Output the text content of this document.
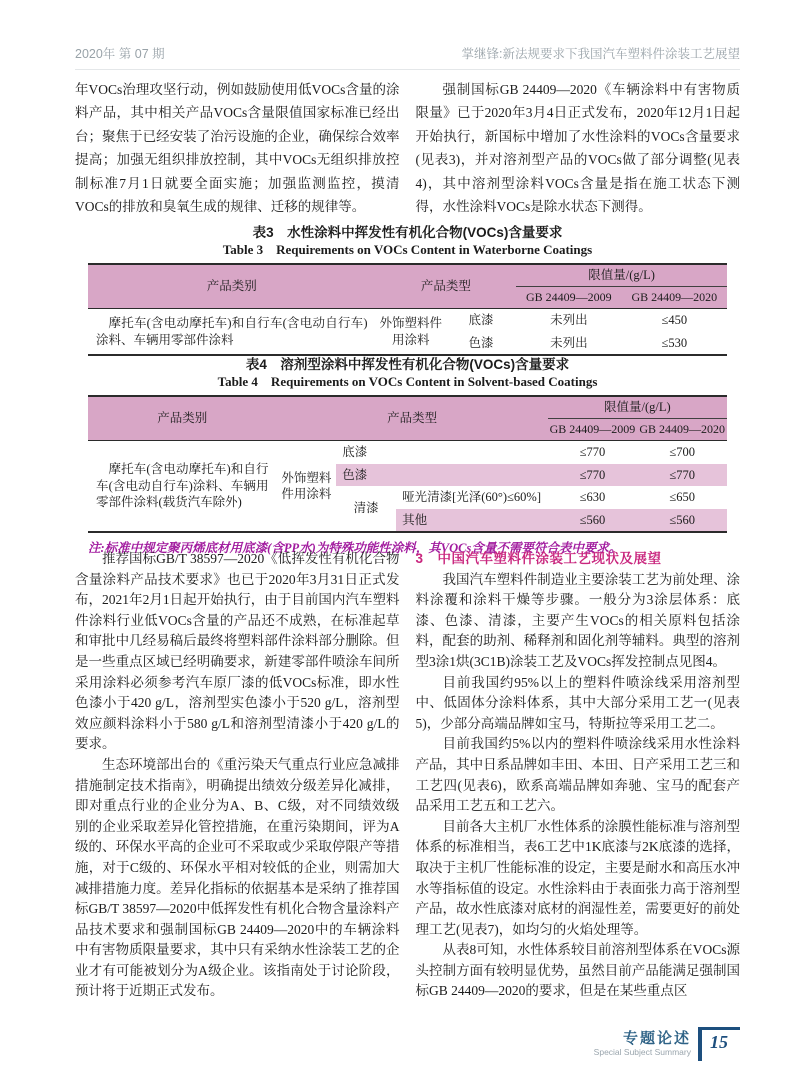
2020年 第 07 期	掌继锋:新法规要求下我国汽车塑料件涂装工艺展望

年VOCs治理攻坚行动，例如鼓励使用低VOCs含量的涂料产品，其中相关产品VOCs含量限值国家标准已经出台；聚焦于已经安装了治污设施的企业，确保综合效率提高；加强无组织排放控制，其中VOCs无组织排放控制标准7月1日就要全面实施；加强监测监控，摸清VOCs的排放和臭氧生成的规律、迁移的规律等。

强制国标GB 24409—2020《车辆涂料中有害物质限量》已于2020年3月4日正式发布，2020年12月1日起开始执行，新国标中增加了水性涂料的VOCs含量要求(见表3)，并对溶剂型产品的VOCs做了部分调整(见表4)，其中溶剂型涂料VOCs含量是指在施工状态下测得，水性涂料VOCs是除水状态下测得。

表3　水性涂料中挥发性有机化合物(VOCs)含量要求

Table 3　Requirements on VOCs Content in Waterborne Coatings

产品类别	产品类型		限值量/(g/L)	
			GB 24409—2009	GB 24409—2020
摩托车(含电动摩托车)和自行车(含电动自行车)涂料、车辆用零部件涂料	外饰塑料件用涂料	底漆	未列出	≤450
		色漆	未列出	≤530

表4　溶剂型涂料中挥发性有机化合物(VOCs)含量要求

Table 4　Requirements on VOCs Content in Solvent-based Coatings

产品类别	产品类型			限值量/(g/L)	
				GB 24409—2009	GB 24409—2020
摩托车(含电动摩托车)和自行车(含电动自行车)涂料、车辆用零部件涂料(载货汽车除外)	外饰塑料件用涂料	底漆		≤770	≤700
		色漆		≤770	≤770
		清漆	哑光清漆[光泽(60°)≤60%]	≤630	≤650
			其他	≤560	≤560

注:标准中规定聚丙烯底材用底漆(含PP水)为特殊功能性涂料，其VOCs含量不需要符合表中要求。

推荐国标GB/T 38597—2020《低挥发性有机化合物含量涂料产品技术要求》也已于2020年3月31日正式发布，2021年2月1日起开始执行，由于目前国内汽车塑料件涂料行业低VOCs含量的产品还不成熟，在标准起草和审批中几经易稿后最终将塑料部件涂料部分删除。但是一些重点区域已经明确要求，新建零部件喷涂车间所采用涂料必须参考汽车原厂漆的低VOCs标准，即水性色漆小于420 g/L，溶剂型实色漆小于520 g/L，溶剂型效应颜料涂料小于580 g/L和溶剂型清漆小于420 g/L的要求。

生态环境部出台的《重污染天气重点行业应急减排措施制定技术指南》，明确提出绩效分级差异化减排，即对重点行业的企业分为A、B、C级，对不同绩效级别的企业采取差异化管控措施，在重污染期间，评为A级的、环保水平高的企业可不采取或少采取停限产等措施，对于C级的、环保水平相对较低的企业，则需加大减排措施力度。差异化指标的依据基本是采纳了推荐国标GB/T 38597—2020中低挥发性有机化合物含量涂料产品技术要求和强制国标GB 24409—2020中的车辆涂料中有害物质限量要求，其中只有采纳水性涂装工艺的企业才有可能被划分为A级企业。该指南处于讨论阶段，预计将于近期正式发布。

3　中国汽车塑料件涂装工艺现状及展望

我国汽车塑料件制造业主要涂装工艺为前处理、涂料涂覆和涂料干燥等步骤。一般分为3涂层体系：底漆、色漆、清漆，主要产生VOCs的相关原料包括涂料，配套的助剂、稀释剂和固化剂等辅料。典型的溶剂型3涂1烘(3C1B)涂装工艺及VOCs挥发控制点见图4。

目前我国约95%以上的塑料件喷涂线采用溶剂型中、低固体分涂料体系，其中大部分采用工艺一(见表5)，少部分高端品牌如宝马，特斯拉等采用工艺二。

目前我国约5%以内的塑料件喷涂线采用水性涂料产品，其中日系品牌如丰田、本田、日产采用工艺三和工艺四(见表6)，欧系高端品牌如奔驰、宝马的配套产品采用工艺五和工艺六。

目前各大主机厂水性体系的涂膜性能标准与溶剂型体系的标准相当，表6工艺中1K底漆与2K底漆的选择，取决于主机厂性能标准的设定，主要是耐水和高压水冲水等指标值的设定。水性涂料由于表面张力高于溶剂型产品，故水性底漆对底材的润湿性差，需要更好的前处理工艺(见表7)，如均匀的火焰处理等。

从表8可知，水性体系较目前溶剂型体系在VOCs源头控制方面有较明显优势，虽然目前产品能满足强制国标GB 24409—2020的要求，但是在某些重点区

专题论述
Special Subject Summary	15
